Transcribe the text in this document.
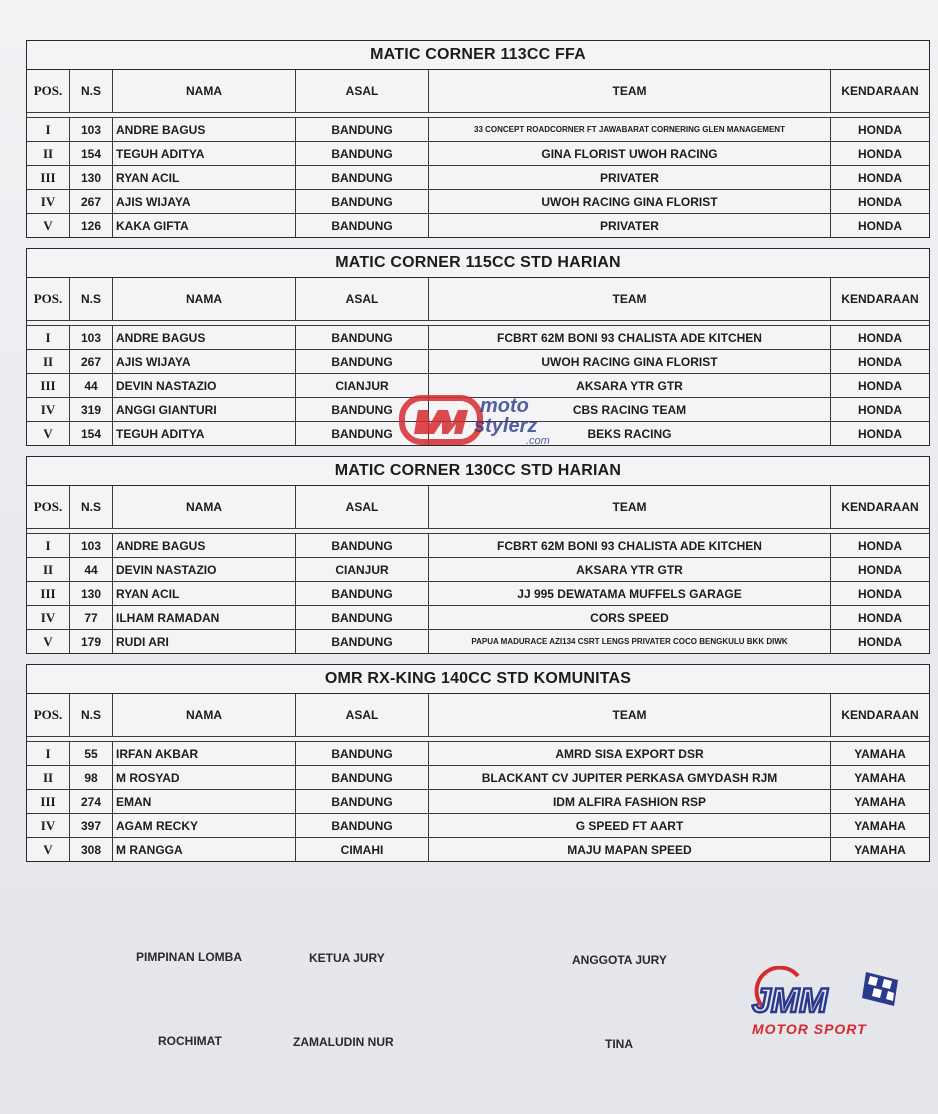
MATIC CORNER 113CC FFA
POS.	N.S	NAMA	ASAL	TEAM	KENDARAAN

I	103	ANDRE BAGUS	BANDUNG	33 CONCEPT ROADCORNER FT JAWABARAT CORNERING GLEN MANAGEMENT	HONDA
II	154	TEGUH ADITYA	BANDUNG	GINA FLORIST UWOH RACING	HONDA
III	130	RYAN ACIL	BANDUNG	PRIVATER	HONDA
IV	267	AJIS WIJAYA	BANDUNG	UWOH RACING GINA FLORIST	HONDA
V	126	KAKA GIFTA	BANDUNG	PRIVATER	HONDA
MATIC CORNER 115CC STD HARIAN
POS.	N.S	NAMA	ASAL	TEAM	KENDARAAN

I	103	ANDRE BAGUS	BANDUNG	FCBRT 62M BONI 93 CHALISTA ADE KITCHEN	HONDA
II	267	AJIS WIJAYA	BANDUNG	UWOH RACING GINA FLORIST	HONDA
III	44	DEVIN NASTAZIO	CIANJUR	AKSARA YTR GTR	HONDA
IV	319	ANGGI GIANTURI	BANDUNG	CBS RACING TEAM	HONDA
V	154	TEGUH ADITYA	BANDUNG	BEKS RACING	HONDA
MATIC CORNER 130CC STD HARIAN
POS.	N.S	NAMA	ASAL	TEAM	KENDARAAN

I	103	ANDRE BAGUS	BANDUNG	FCBRT 62M BONI 93 CHALISTA ADE KITCHEN	HONDA
II	44	DEVIN NASTAZIO	CIANJUR	AKSARA YTR GTR	HONDA
III	130	RYAN ACIL	BANDUNG	JJ 995 DEWATAMA MUFFELS GARAGE	HONDA
IV	77	ILHAM RAMADAN	BANDUNG	CORS SPEED	HONDA
V	179	RUDI ARI	BANDUNG	PAPUA MADURACE AZI134 CSRT LENGS PRIVATER COCO BENGKULU BKK DIWK	HONDA
OMR RX-KING 140CC STD KOMUNITAS
POS.	N.S	NAMA	ASAL	TEAM	KENDARAAN

I	55	IRFAN AKBAR	BANDUNG	AMRD SISA EXPORT DSR	YAMAHA
II	98	M ROSYAD	BANDUNG	BLACKANT CV JUPITER PERKASA GMYDASH RJM	YAMAHA
III	274	EMAN	BANDUNG	IDM ALFIRA FASHION RSP	YAMAHA
IV	397	AGAM RECKY	BANDUNG	G SPEED FT AART	YAMAHA
V	308	M RANGGA	CIMAHI	MAJU MAPAN SPEED	YAMAHA
PIMPINAN LOMBA	KETUA JURY	ANGGOTA JURY
ROCHIMAT	ZAMALUDIN NUR	TINA
moto
stylerz
.com
JMM
MOTOR SPORT
